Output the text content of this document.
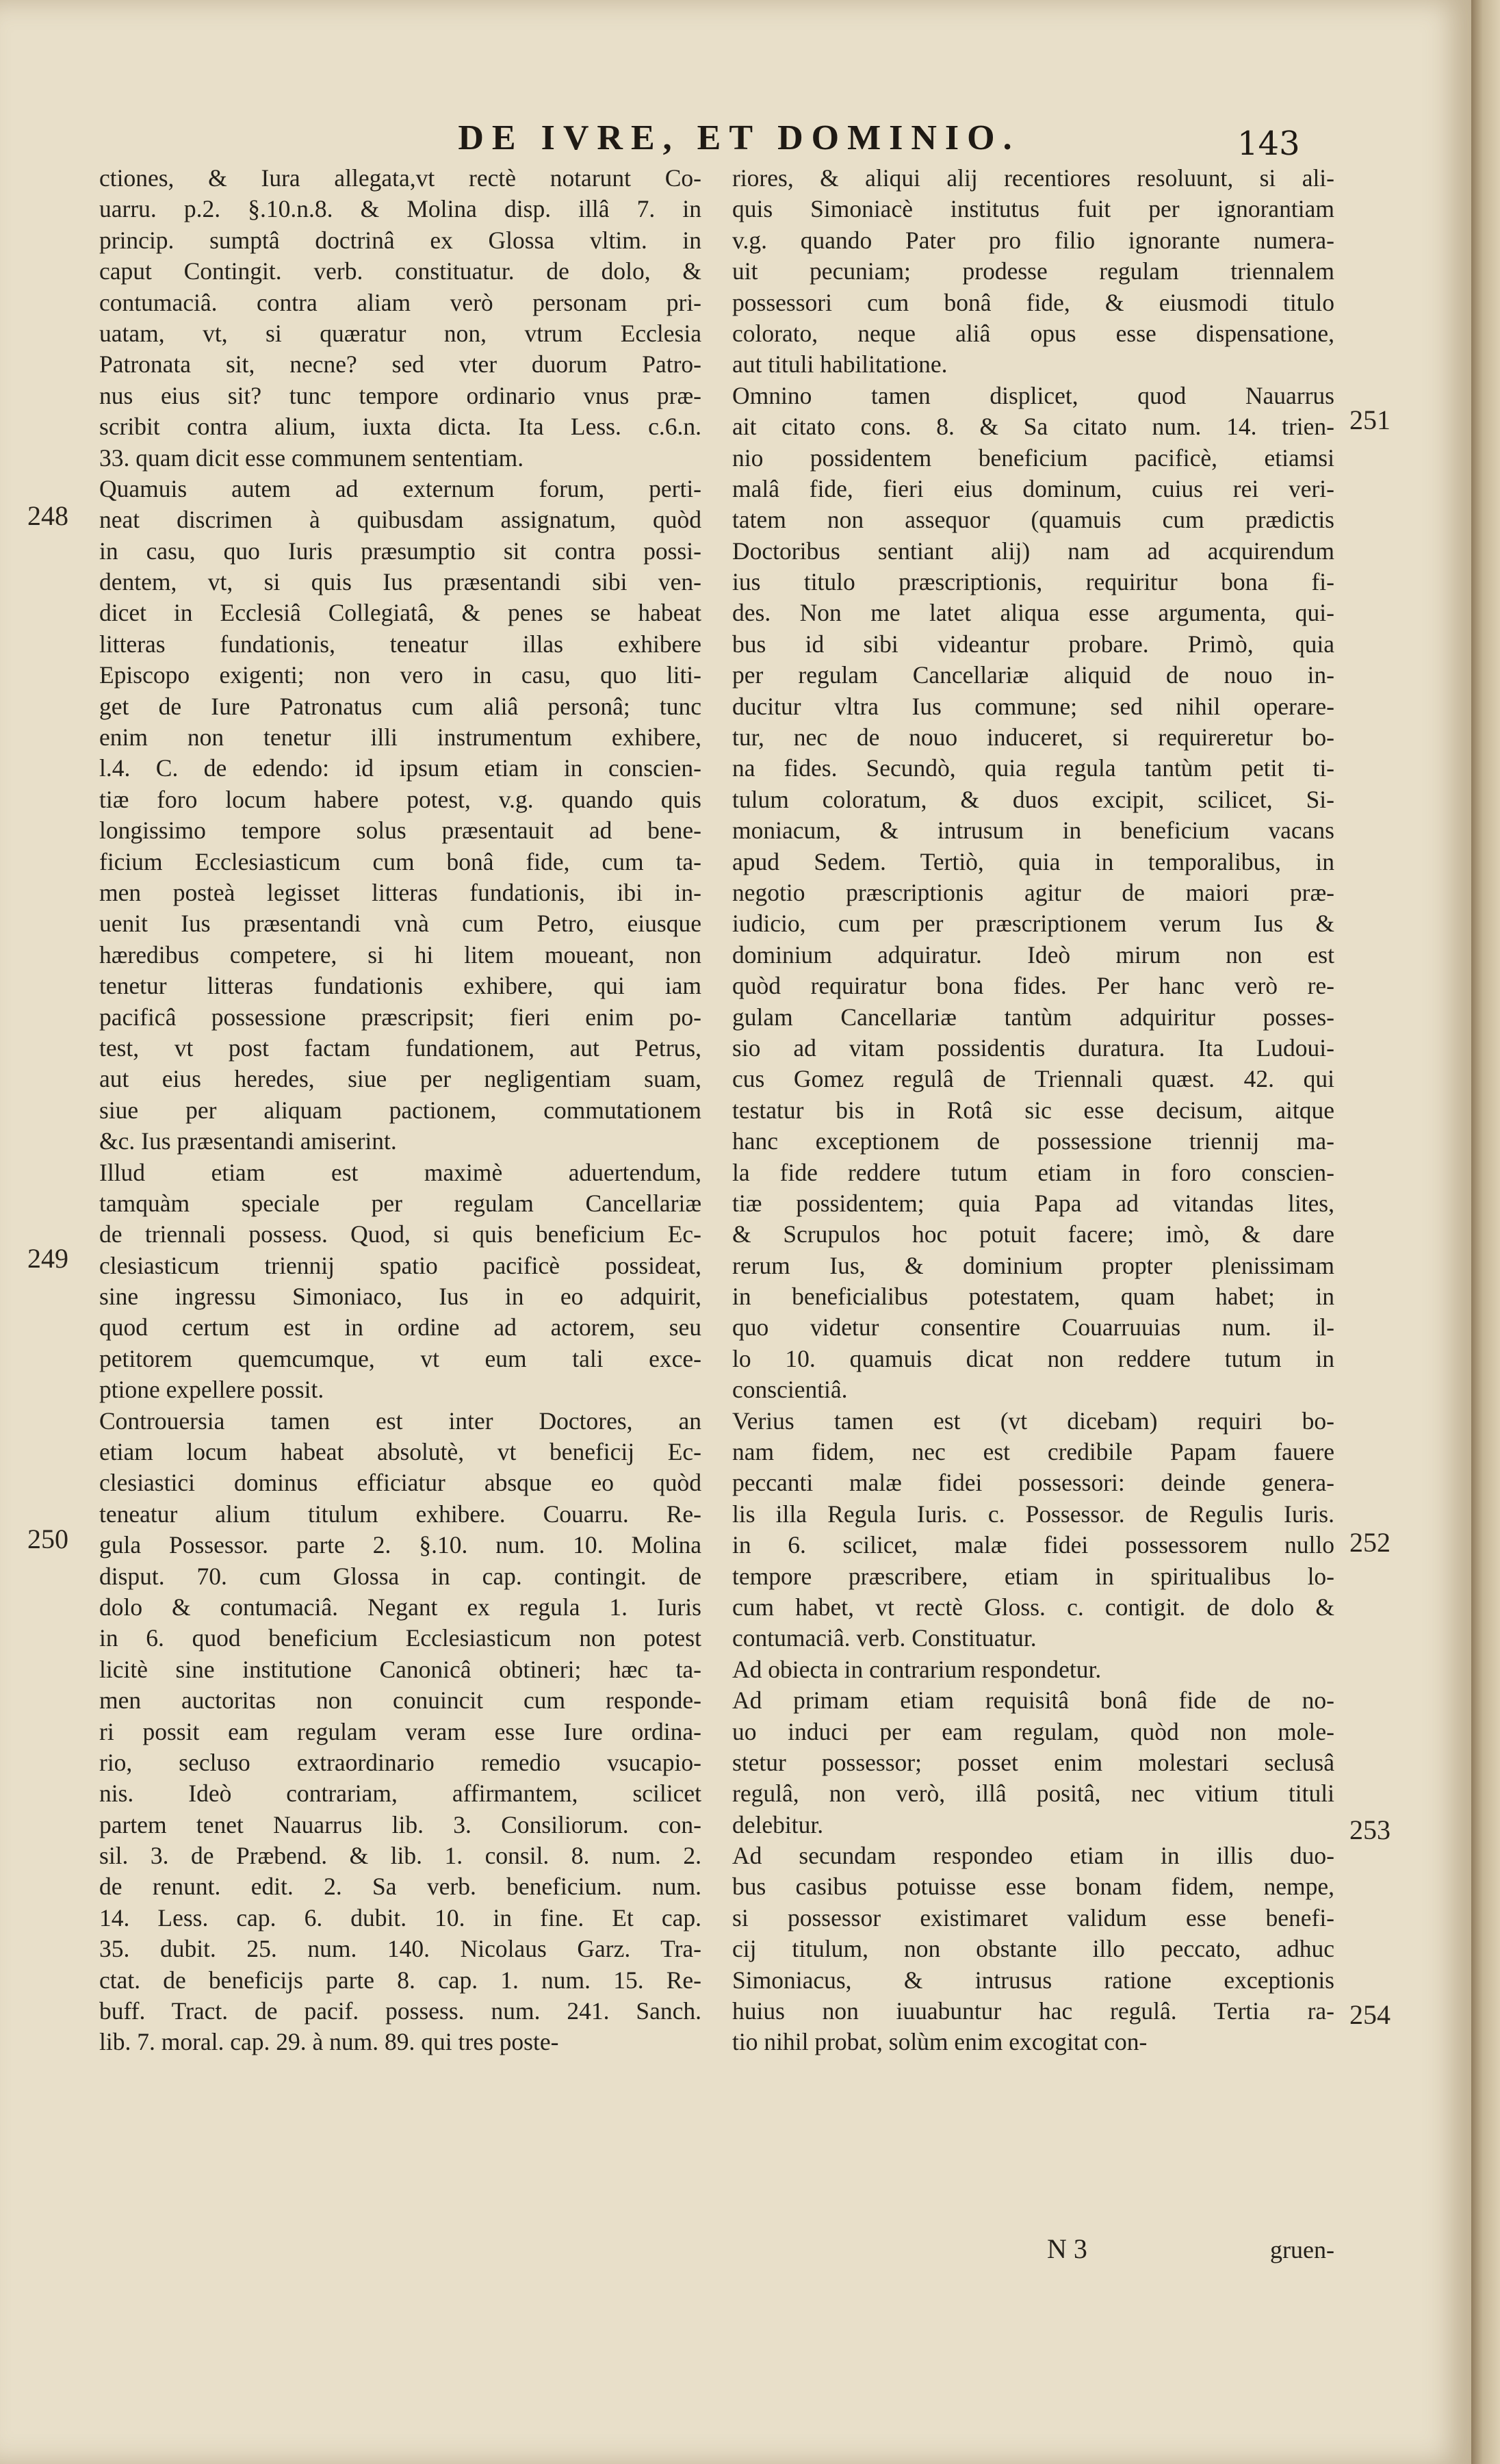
DE IVRE, ET DOMINIO.	143
ctiones, & Iura allegata,vt rectè notarunt Co-
uarru. p.2. §.10.n.8. & Molina disp. illâ 7. in
princip. sumptâ doctrinâ ex Glossa vltim. in
caput Contingit. verb. constituatur. de dolo, &
contumaciâ. contra aliam verò personam pri-
uatam, vt, si quæratur non, vtrum Ecclesia
Patronata sit, necne? sed vter duorum Patro-
nus eius sit? tunc tempore ordinario vnus præ-
scribit contra alium, iuxta dicta. Ita Less. c.6.n.
33. quam dicit esse communem sententiam.
Quamuis autem ad externum forum, perti-
neat discrimen à quibusdam assignatum, quòd
in casu, quo Iuris præsumptio sit contra possi-
dentem, vt, si quis Ius præsentandi sibi ven-
dicet in Ecclesiâ Collegiatâ, & penes se habeat
litteras fundationis, teneatur illas exhibere
Episcopo exigenti; non vero in casu, quo liti-
get de Iure Patronatus cum aliâ personâ; tunc
enim non tenetur illi instrumentum exhibere,
l.4. C. de edendo: id ipsum etiam in conscien-
tiæ foro locum habere potest, v.g. quando quis
longissimo tempore solus præsentauit ad bene-
ficium Ecclesiasticum cum bonâ fide, cum ta-
men posteà legisset litteras fundationis, ibi in-
uenit Ius præsentandi vnà cum Petro, eiusque
hæredibus competere, si hi litem moueant, non
tenetur litteras fundationis exhibere, qui iam
pacificâ possessione præscripsit; fieri enim po-
test, vt post factam fundationem, aut Petrus,
aut eius heredes, siue per negligentiam suam,
siue per aliquam pactionem, commutationem
&c. Ius præsentandi amiserint.
Illud etiam est maximè aduertendum,
tamquàm speciale per regulam Cancellariæ
de triennali possess. Quod, si quis beneficium Ec-
clesiasticum triennij spatio pacificè possideat,
sine ingressu Simoniaco, Ius in eo adquirit,
quod certum est in ordine ad actorem, seu
petitorem quemcumque, vt eum tali exce-
ptione expellere possit.
Controuersia tamen est inter Doctores, an
etiam locum habeat absolutè, vt beneficij Ec-
clesiastici dominus efficiatur absque eo quòd
teneatur alium titulum exhibere. Couarru. Re-
gula Possessor. parte 2. §.10. num. 10. Molina
disput. 70. cum Glossa in cap. contingit. de
dolo & contumaciâ. Negant ex regula 1. Iuris
in 6. quod beneficium Ecclesiasticum non potest
licitè sine institutione Canonicâ obtineri; hæc ta-
men auctoritas non conuincit cum responde-
ri possit eam regulam veram esse Iure ordina-
rio, secluso extraordinario remedio vsucapio-
nis. Ideò contrariam, affirmantem, scilicet
partem tenet Nauarrus lib. 3. Consiliorum. con-
sil. 3. de Præbend. & lib. 1. consil. 8. num. 2.
de renunt. edit. 2. Sa verb. beneficium. num.
14. Less. cap. 6. dubit. 10. in fine. Et cap.
35. dubit. 25. num. 140. Nicolaus Garz. Tra-
ctat. de beneficijs parte 8. cap. 1. num. 15. Re-
buff. Tract. de pacif. possess. num. 241. Sanch.
lib. 7. moral. cap. 29. à num. 89. qui tres poste-
riores, & aliqui alij recentiores resoluunt, si ali-
quis Simoniacè institutus fuit per ignorantiam
v.g. quando Pater pro filio ignorante numera-
uit pecuniam; prodesse regulam triennalem
possessori cum bonâ fide, & eiusmodi titulo
colorato, neque aliâ opus esse dispensatione,
aut tituli habilitatione.
Omnino tamen displicet, quod Nauarrus
ait citato cons. 8. & Sa citato num. 14. trien-
nio possidentem beneficium pacificè, etiamsi
malâ fide, fieri eius dominum, cuius rei veri-
tatem non assequor (quamuis cum prædictis
Doctoribus sentiant alij) nam ad acquirendum
ius titulo præscriptionis, requiritur bona fi-
des. Non me latet aliqua esse argumenta, qui-
bus id sibi videantur probare. Primò, quia
per regulam Cancellariæ aliquid de nouo in-
ducitur vltra Ius commune; sed nihil operare-
tur, nec de nouo induceret, si requireretur bo-
na fides. Secundò, quia regula tantùm petit ti-
tulum coloratum, & duos excipit, scilicet, Si-
moniacum, & intrusum in beneficium vacans
apud Sedem. Tertiò, quia in temporalibus, in
negotio præscriptionis agitur de maiori præ-
iudicio, cum per præscriptionem verum Ius &
dominium adquiratur. Ideò mirum non est
quòd requiratur bona fides. Per hanc verò re-
gulam Cancellariæ tantùm adquiritur posses-
sio ad vitam possidentis duratura. Ita Ludoui-
cus Gomez regulâ de Triennali quæst. 42. qui
testatur bis in Rotâ sic esse decisum, aitque
hanc exceptionem de possessione triennij ma-
la fide reddere tutum etiam in foro conscien-
tiæ possidentem; quia Papa ad vitandas lites,
& Scrupulos hoc potuit facere; imò, & dare
rerum Ius, & dominium propter plenissimam
in beneficialibus potestatem, quam habet; in
quo videtur consentire Couarruuias num. il-
lo 10. quamuis dicat non reddere tutum in
conscientiâ.
Verius tamen est (vt dicebam) requiri bo-
nam fidem, nec est credibile Papam fauere
peccanti malæ fidei possessori: deinde genera-
lis illa Regula Iuris. c. Possessor. de Regulis Iuris.
in 6. scilicet, malæ fidei possessorem nullo
tempore præscribere, etiam in spiritualibus lo-
cum habet, vt rectè Gloss. c. contigit. de dolo &
contumaciâ. verb. Constituatur.
Ad obiecta in contrarium respondetur.
Ad primam etiam requisitâ bonâ fide de no-
uo induci per eam regulam, quòd non mole-
stetur possessor; posset enim molestari seclusâ
regulâ, non verò, illâ positâ, nec vitium tituli
delebitur.
Ad secundam respondeo etiam in illis duo-
bus casibus potuisse esse bonam fidem, nempe,
si possessor existimaret validum esse benefi-
cij titulum, non obstante illo peccato, adhuc
Simoniacus, & intrusus ratione exceptionis
huius non iuuabuntur hac regulâ. Tertia ra-
tio nihil probat, solùm enim excogitat con-
248
249
250
251
252
253
254
N 3	gruen-
